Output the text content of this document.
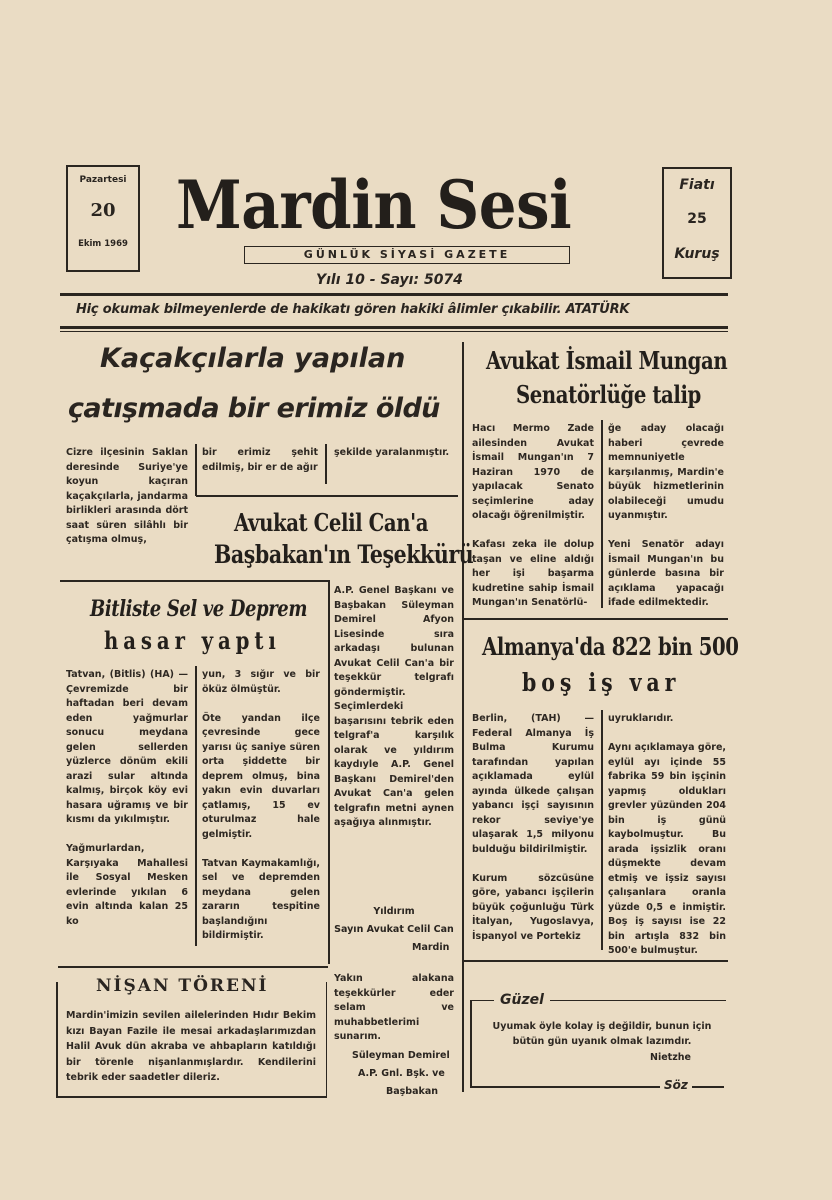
Pazartesi
20
Ekim 1969 Mardin Sesi
GÜNLÜK SİYASİ GAZETE
Yılı 10 - Sayı: 5074
Fiatı
25
Kuruş
Hiç okumak bilmeyenlerde de hakikatı gören hakiki âlimler çıkabilir. ATATÜRK
Kaçakçılarla yapılan
çatışmada bir erimiz öldü
Cizre ilçesinin Saklan deresinde Suriye'ye koyun kaçıran kaçakçılarla, jandarma birlikleri arasında dört saat süren silâhlı bir çatışma olmuş,
bir erimiz şehit edilmiş, bir er de ağır
şekilde yaralanmıştır.
Avukat Celil Can'a
Başbakan'ın Teşekkürü
A.P. Genel Başkanı ve Başbakan Süleyman Demirel Afyon Lisesinde sıra arkadaşı bulunan Avukat Celil Can'a bir teşekkür telgrafı göndermiştir. Seçimlerdeki başarısını tebrik eden telgraf'a karşılık olarak ve yıldırım kaydıyle A.P. Genel Başkanı Demirel'den Avukat Can'a gelen telgrafın metni aynen aşağıya alınmıştır.
Yıldırım
Sayın Avukat Celil Can
Mardin
Yakın alakana teşekkürler eder selam ve muhabbetlerimi sunarım.
Süleyman Demirel
A.P. Gnl. Bşk. ve
Başbakan
Bitliste Sel ve Deprem
hasar yaptı
Tatvan, (Bitlis) (HA) — Çevremizde bir haftadan beri devam eden yağmurlar sonucu meydana gelen sellerden yüzlerce dönüm ekili arazi sular altında kalmış, birçok köy evi hasara uğramış ve bir kısmı da yıkılmıştır.

Yağmurlardan, Karşıyaka Mahallesi ile Sosyal Mesken evlerinde yıkılan 6 evin altında kalan 25 ko
yun, 3 sığır ve bir öküz ölmüştür.

Öte yandan ilçe çevresinde gece yarısı üç saniye süren orta şiddette bir deprem olmuş, bina yakın evin duvarları çatlamış, 15 ev oturulmaz hale gelmiştir.

Tatvan Kaymakamlığı, sel ve depremden meydana gelen zararın tespitine başlandığını bildirmiştir.
NİŞAN TÖRENİ
Mardin'imizin sevilen ailelerinden Hıdır Bekim kızı Bayan Fazile ile mesai arkadaşlarımızdan Halil Avuk dün akraba ve ahbapların katıldığı bir törenle nişanlanmışlardır. Kendilerini tebrik eder saadetler dileriz.
Avukat İsmail Mungan
Senatörlüğe talip
Hacı Mermo Zade ailesinden Avukat İsmail Mungan'ın 7 Haziran 1970 de yapılacak Senato seçimlerine aday olacağı öğrenilmiştir.

Kafası zeka ile dolup taşan ve eline aldığı her işi başarma kudretine sahip İsmail Mungan'ın Senatörlü-
ğe aday olacağı haberi çevrede memnuniyetle karşılanmış, Mardin'e büyük hizmetlerinin olabileceği umudu uyanmıştır.

Yeni Senatör adayı İsmail Mungan'ın bu günlerde basına bir açıklama yapacağı ifade edilmektedir.
Almanya'da 822 bin 500
boş iş var
Berlin, (TAH) — Federal Almanya İş Bulma Kurumu tarafından yapılan açıklamada eylül ayında ülkede çalışan yabancı işçi sayısının rekor seviye'ye ulaşarak 1,5 milyonu bulduğu bildirilmiştir.

Kurum sözcüsüne göre, yabancı işçilerin büyük çoğunluğu Türk İtalyan, Yugoslavya, İspanyol ve Portekiz
uyruklarıdır.

Aynı açıklamaya göre, eylül ayı içinde 55 fabrika 59 bin işçinin yapmış oldukları grevler yüzünden 204 bin iş günü kaybolmuştur. Bu arada işsizlik oranı düşmekte devam etmiş ve işsiz sayısı çalışanlara oranla yüzde 0,5 e inmiştir. Boş iş sayısı ise 22 bin artışla 832 bin 500'e bulmuştur.
Güzel
Uyumak öyle kolay iş değildir, bunun için bütün gün uyanık olmak lazımdır.
Nietzhe
Söz
